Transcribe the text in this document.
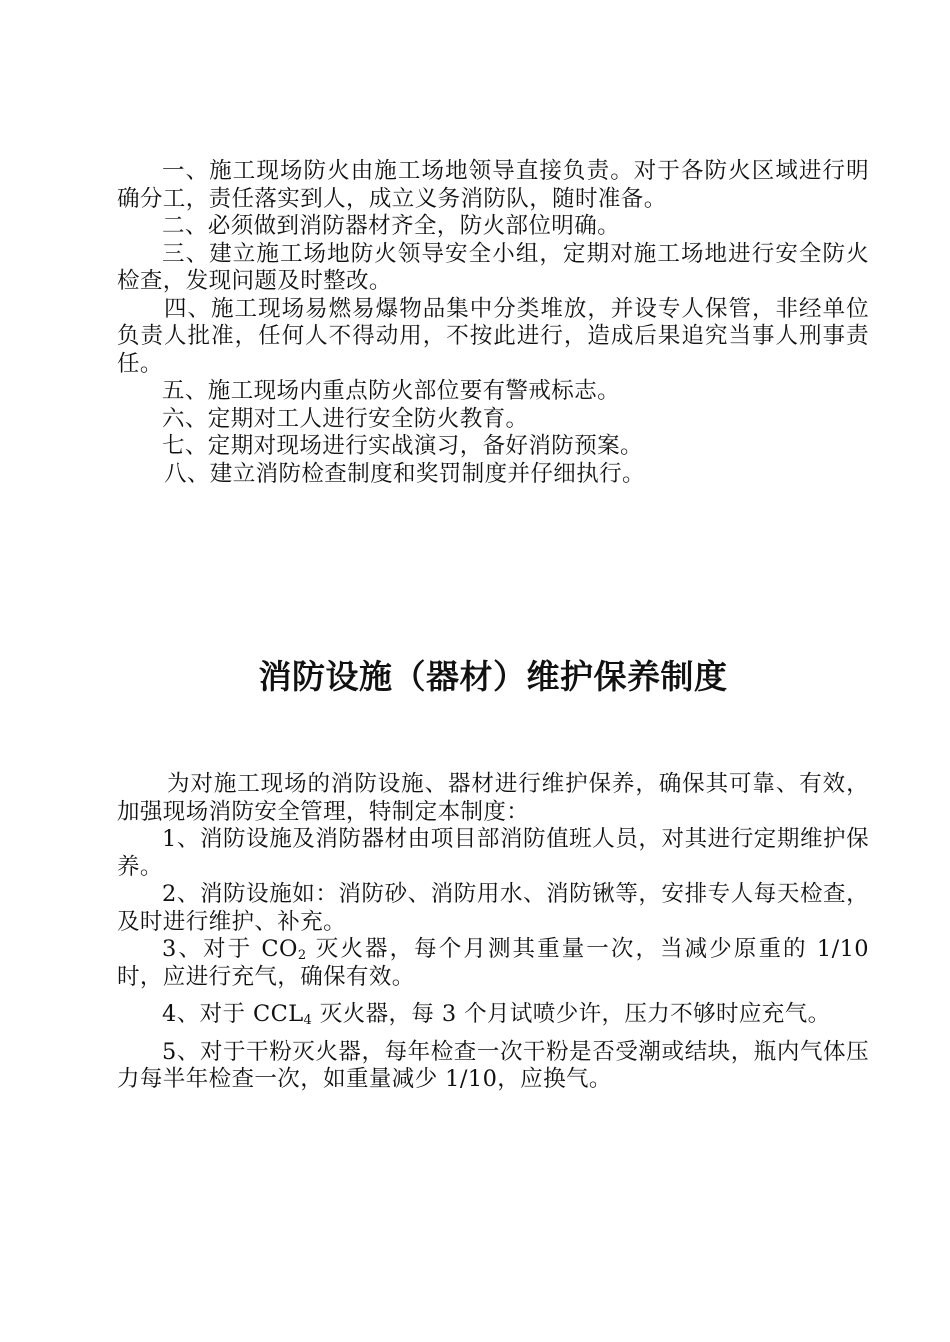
一、施工现场防火由施工场地领导直接负责。对于各防火区域进行明确分工，责任落实到人，成立义务消防队，随时准备。

二、必须做到消防器材齐全，防火部位明确。

三、建立施工场地防火领导安全小组，定期对施工场地进行安全防火检查，发现问题及时整改。

四、施工现场易燃易爆物品集中分类堆放，并设专人保管，非经单位负责人批准，任何人不得动用，不按此进行，造成后果追究当事人刑事责任。

五、施工现场内重点防火部位要有警戒标志。

六、定期对工人进行安全防火教育。

七、定期对现场进行实战演习，备好消防预案。

八、建立消防检查制度和奖罚制度并仔细执行。

消防设施（器材）维护保养制度

为对施工现场的消防设施、器材进行维护保养，确保其可靠、有效，加强现场消防安全管理，特制定本制度：

1、消防设施及消防器材由项目部消防值班人员，对其进行定期维护保养。

2、消防设施如：消防砂、消防用水、消防锹等，安排专人每天检查，及时进行维护、补充。

3、对于 $CO_2$ 灭火器，每个月测其重量一次，当减少原重的 1/10 时，应进行充气，确保有效。

4、对于 $CCL_4$ 灭火器，每 3 个月试喷少许，压力不够时应充气。

5、对于干粉灭火器，每年检查一次干粉是否受潮或结块，瓶内气体压力每半年检查一次，如重量减少 1/10，应换气。
